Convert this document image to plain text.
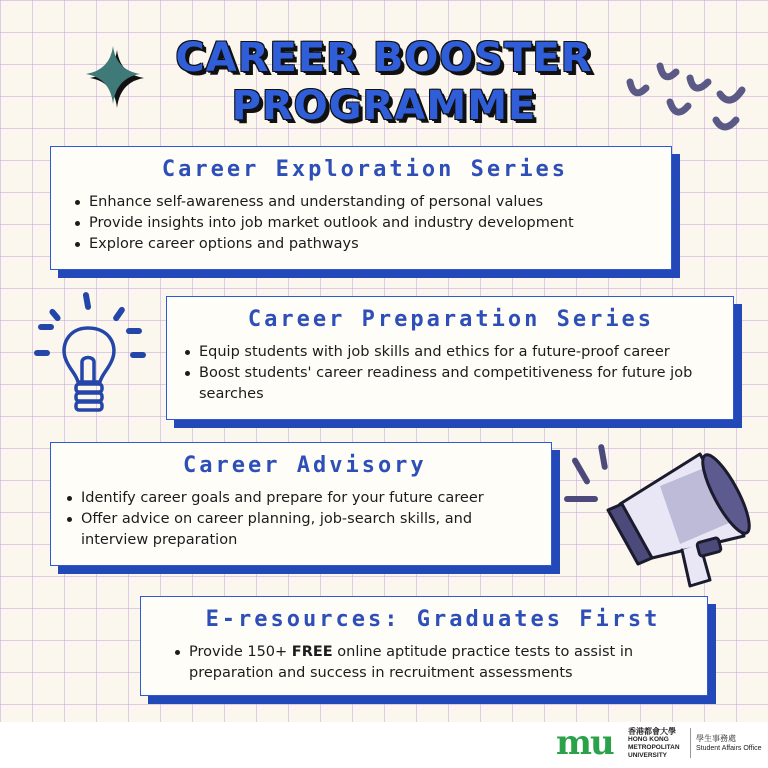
CAREER BOOSTER
PROGRAMME
Career Exploration Series
Enhance self-awareness and understanding of personal values
Provide insights into job market outlook and industry development
Explore career options and pathways
Career Preparation Series
Equip students with job skills and ethics for a future-proof career
Boost students' career readiness and competitiveness for future job searches
Career Advisory
Identify career goals and prepare for your future career
Offer advice on career planning, job-search skills, and interview preparation
E-resources: Graduates First
Provide 150+ FREE online aptitude practice tests to assist in preparation and success in recruitment assessments
mu 香港都會大學
HONG KONG
METROPOLITAN
UNIVERSITY
學生事務處
Student Affairs Office
